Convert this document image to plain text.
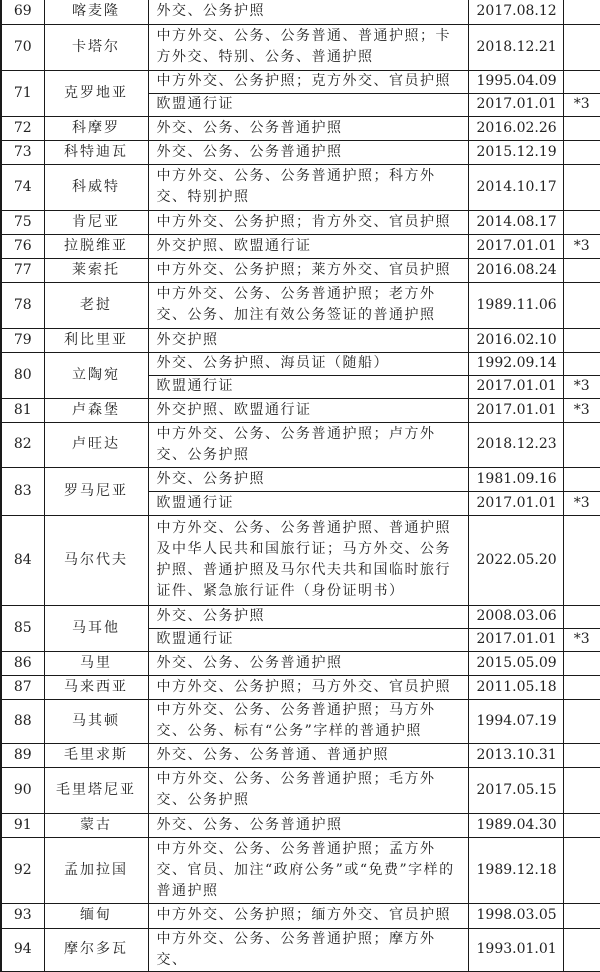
69	喀麦隆	外交、公务护照	2017.08.12	
70	卡塔尔	中方外交、公务、公务普通、普通护照；卡方外交、特别、公务、普通护照	2018.12.21	
71	克罗地亚	中方外交、公务护照；克方外交、官员护照	1995.04.09	
		欧盟通行证	2017.01.01	*3
72	科摩罗	外交、公务、公务普通护照	2016.02.26	
73	科特迪瓦	外交、公务、公务普通护照	2015.12.19	
74	科威特	中方外交、公务、公务普通护照；科方外交、特别护照	2014.10.17	
75	肯尼亚	中方外交、公务护照；肯方外交、官员护照	2014.08.17	
76	拉脱维亚	外交护照、欧盟通行证	2017.01.01	*3
77	莱索托	中方外交、公务护照；莱方外交、官员护照	2016.08.24	
78	老挝	中方外交、公务、公务普通护照；老方外交、公务、加注有效公务签证的普通护照	1989.11.06	
79	利比里亚	外交护照	2016.02.10	
80	立陶宛	外交、公务护照、海员证（随船）	1992.09.14	
		欧盟通行证	2017.01.01	*3
81	卢森堡	外交护照、欧盟通行证	2017.01.01	*3
82	卢旺达	中方外交、公务、公务普通护照；卢方外交、公务护照	2018.12.23	
83	罗马尼亚	外交、公务护照	1981.09.16	
		欧盟通行证	2017.01.01	*3
84	马尔代夫	中方外交、公务、公务普通护照、普通护照及中华人民共和国旅行证；马方外交、公务护照、普通护照及马尔代夫共和国临时旅行证件、紧急旅行证件（身份证明书）	2022.05.20	
85	马耳他	外交、公务护照	2008.03.06	
		欧盟通行证	2017.01.01	*3
86	马里	外交、公务、公务普通护照	2015.05.09	
87	马来西亚	中方外交、公务护照；马方外交、官员护照	2011.05.18	
88	马其顿	中方外交、公务、公务普通护照；马方外交、公务、标有“公务”字样的普通护照	1994.07.19	
89	毛里求斯	外交、公务、公务普通、普通护照	2013.10.31	
90	毛里塔尼亚	中方外交、公务、公务普通护照；毛方外交、公务护照	2017.05.15	
91	蒙古	外交、公务、公务普通护照	1989.04.30	
92	孟加拉国	中方外交、公务、公务普通护照；孟方外交、官员、加注“政府公务”或“免费”字样的普通护照	1989.12.18	
93	缅甸	中方外交、公务护照；缅方外交、官员护照	1998.03.05	
94	摩尔多瓦	中方外交、公务、公务普通护照；摩方外交、	1993.01.01	
